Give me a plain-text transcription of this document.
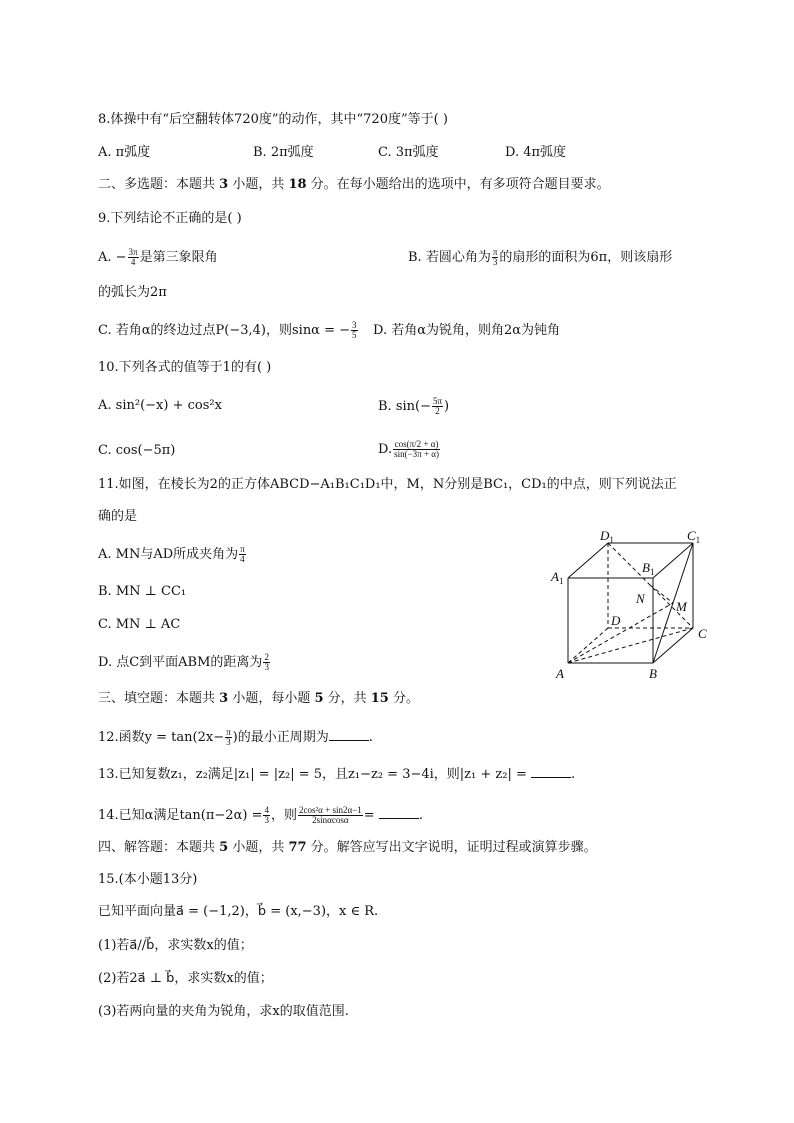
8.体操中有“后空翻转体720度”的动作，其中“720度”等于( )
A. π弧度	B. 2π弧度	C. 3π弧度	D. 4π弧度
二、多选题：本题共 3 小题，共 18 分。在每小题给出的选项中，有多项符合题目要求。
9.下列结论不正确的是( )
A. − $\frac{3\pi}{4}$ 是第三象限角	B. 若圆心角为 $\frac{\pi}{3}$ 的扇形的面积为6π，则该扇形
的弧长为2π
C. 若角α的终边过点P(−3,4)，则sinα = − $\frac{3}{5} D$. 若角α为锐角，则角2α为钝角
10.下列各式的值等于1的有( )
A. sin²(−x) + cos²x	B. $\sin(- \frac{5\pi}{2}$ )
C. cos(−5π)	D. $\frac{\cos(\pi/2 + \alpha)}{\sin(-3\pi + \alpha)}$
11.如图，在棱长为2的正方体ABCD−A₁B₁C₁D₁中，M，N分别是BC₁，CD₁的中点，则下列说法正
确的是
A. MN与AD所成夹角为 $\frac{\pi}{4}$
B. MN ⊥ CC₁
C. MN ⊥ AC
D. 点C到平面ABM的距离为 $\frac{2}{3}$
$D_1$	$C_1$
$A_1$
$B_1$
N
M
D
C
A	B
三、填空题：本题共 3 小题，每小题 5 分，共 15 分。
12.函数$y = \tan(2x- \frac{\pi}{3}$ )的最小正周期为	.
13.已知复数z₁，z₂满足|z₁| = |z₂| = 5，且z₁−z₂ = 3−4i，则|z₁ + z₂| =	.
14.已知α满足$\tan(\pi-2\alpha) = \frac{4}{3}$ ，则 $\frac{\text{2cos²α + sin2α−1}}{2\sin\alpha\cos\alpha}$ =	.
四、解答题：本题共 5 小题，共 77 分。解答应写出文字说明，证明过程或演算步骤。
15.(本小题13分)
已知平面向量a⃗ = (−1,2)，b⃗ = (x,−3)，x ∈ R.
(1)若a⃗//b⃗，求实数x的值；
(2)若2a⃗ ⊥ b⃗，求实数x的值；
(3)若两向量的夹角为锐角，求x的取值范围.
